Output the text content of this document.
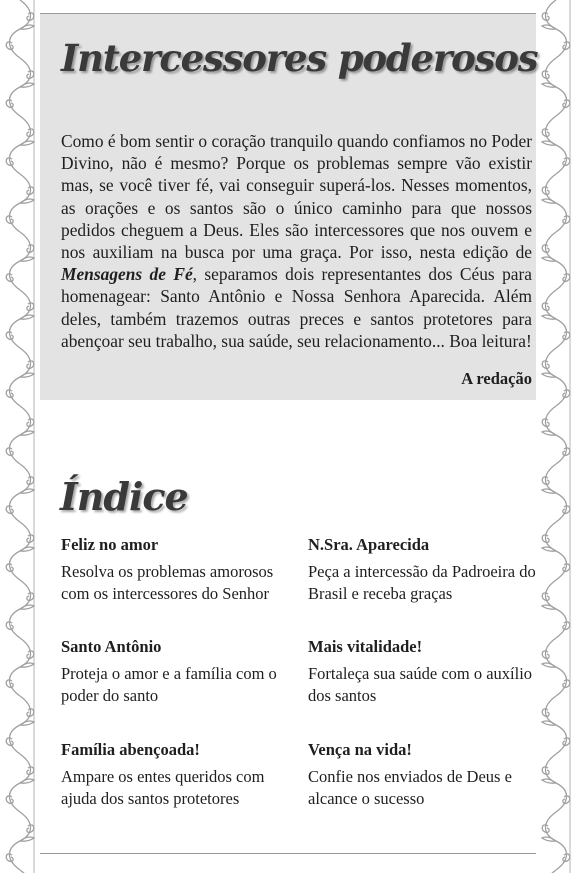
Intercessores poderosos

Como é bom sentir o coração tranquilo quando confiamos no Poder Divino, não é mesmo? Porque os problemas sempre vão existir mas, se você tiver fé, vai conseguir superá-los. Nesses momentos, as orações e os santos são o único caminho para que nossos pedidos cheguem a Deus. Eles são intercessores que nos ouvem e nos auxiliam na busca por uma graça. Por isso, nesta edição de Mensagens de Fé, separamos dois representantes dos Céus para homenagear: Santo Antônio e Nossa Senhora Aparecida. Além deles, também trazemos outras preces e santos protetores para abençoar seu trabalho, sua saúde, seu relacionamento... Boa leitura!

A redação
Índice

Feliz no amor

Resolva os problemas amorosos com os intercessores do Senhor

N.Sra. Aparecida

Peça a intercessão da Padroeira do Brasil e receba graças

Santo Antônio

Proteja o amor e a família com o poder do santo

Mais vitalidade!

Fortaleça sua saúde com o auxílio dos santos

Família abençoada!

Ampare os entes queridos com ajuda dos santos protetores

Vença na vida!

Confie nos enviados de Deus e alcance o sucesso
